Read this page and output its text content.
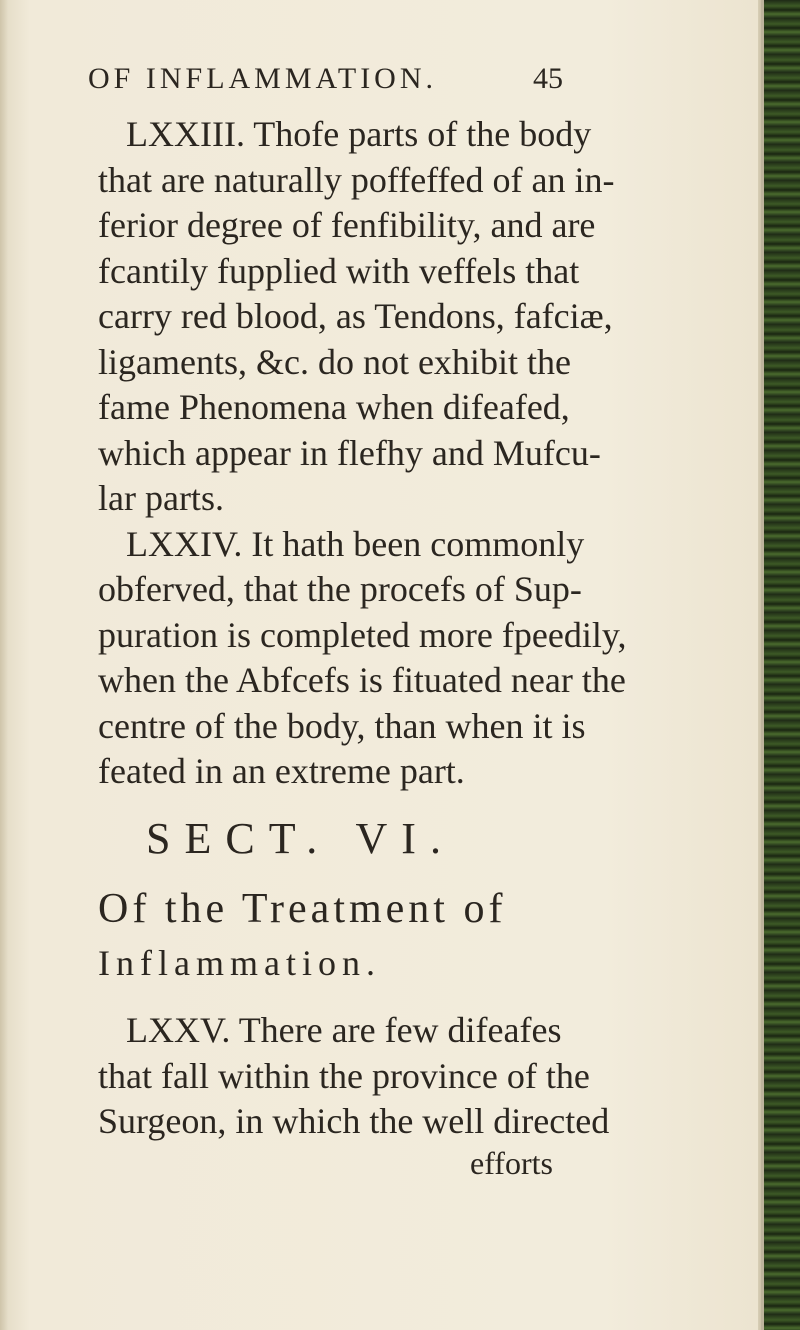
OF INFLAMMATION.	45
LXXIII. Thofe parts of the body
that are naturally poffeffed of an in-
ferior degree of fenfibility, and are
fcantily fupplied with veffels that
carry red blood, as Tendons, fafciæ,
ligaments, &c. do not exhibit the
fame Phenomena when difeafed,
which appear in flefhy and Mufcu-
lar parts.
LXXIV. It hath been commonly
obferved, that the procefs of Sup-
puration is completed more fpeedily,
when the Abfcefs is fituated near the
centre of the body, than when it is
feated in an extreme part.
SECT. VI.
Of the Treatment of
Inflammation.
LXXV. There are few difeafes
that fall within the province of the
Surgeon, in which the well directed
efforts
